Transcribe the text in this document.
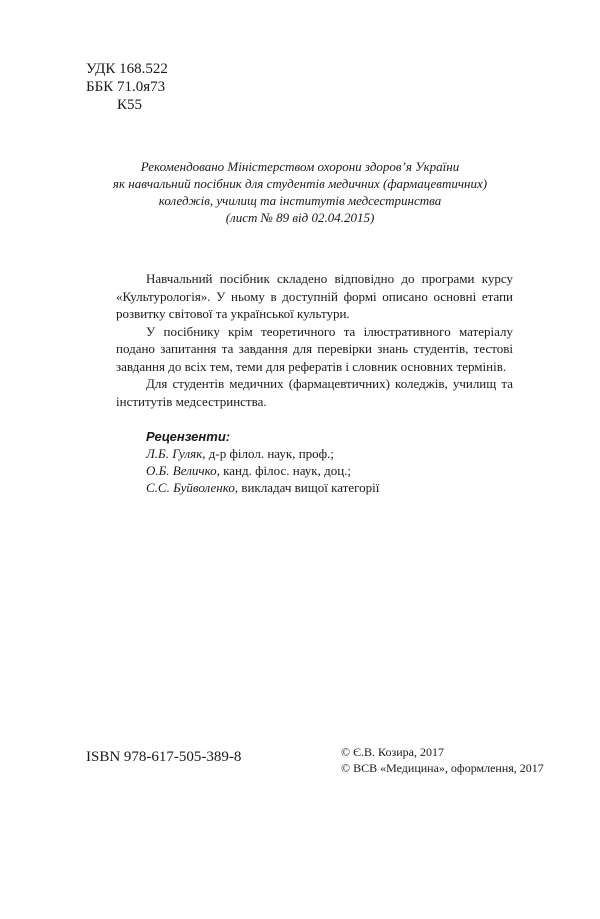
УДК 168.522
ББК 71.0я73
К55
Рекомендовано Міністерством охорони здоров’я України
як навчальний посібник для студентів медичних (фармацевтичних)
коледжів, училищ та інститутів медсестринства
(лист № 89 від 02.04.2015)

Навчальний посібник складено відповідно до програми курсу «Культурологія». У ньому в доступній формі описано основні етапи розвитку світової та української культури.

У посібнику крім теоретичного та ілюстративного матеріалу подано запитання та завдання для перевірки знань студентів, тестові завдання до всіх тем, теми для рефератів і словник основних термінів.

Для студентів медичних (фармацевтичних) коледжів, училищ та інститутів медсестринства.

Рецензенти:
Л.Б. Гуляк, д-р філол. наук, проф.;
О.Б. Величко, канд. філос. наук, доц.;
С.С. Буйволенко, викладач вищої категорії
ISBN 978-617-505-389-8	© Є.В. Козира, 2017
© ВСВ «Медицина», оформлення, 2017
